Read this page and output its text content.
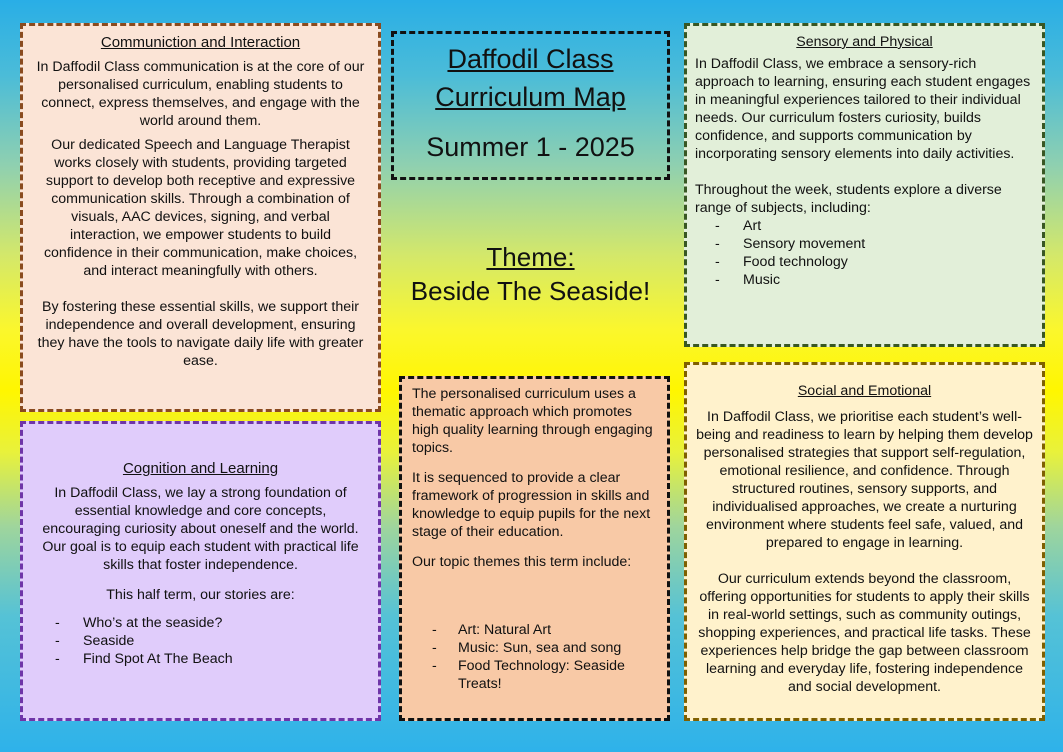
Communiction and Interaction

In Daffodil Class communication is at the core of our personalised curriculum, enabling students to connect, express themselves, and engage with the world around them.

Our dedicated Speech and Language Therapist works closely with students, providing targeted support to develop both receptive and expressive communication skills. Through a combination of visuals, AAC devices, signing, and verbal interaction, we empower students to build confidence in their communication, make choices, and interact meaningfully with others.

By fostering these essential skills, we support their independence and overall development, ensuring they have the tools to navigate daily life with greater ease.

Cognition and Learning

In Daffodil Class, we lay a strong foundation of essential knowledge and core concepts, encouraging curiosity about oneself and the world. Our goal is to equip each student with practical life skills that foster independence.

This half term, our stories are:

- Who’s at the seaside?
- Seaside
- Find Spot At The Beach
Daffodil Class
Curriculum Map
Summer 1 - 2025
Theme:
Beside The Seaside!

The personalised curriculum uses a thematic approach which promotes high quality learning through engaging topics.

It is sequenced to provide a clear framework of progression in skills and knowledge to equip pupils for the next stage of their education.

Our topic themes this term include:

- Art: Natural Art
- Music: Sun, sea and song
- Food Technology: Seaside Treats!
Sensory and Physical

In Daffodil Class, we embrace a sensory-rich approach to learning, ensuring each student engages in meaningful experiences tailored to their individual needs. Our curriculum fosters curiosity, builds confidence, and supports communication by incorporating sensory elements into daily activities.

Throughout the week, students explore a diverse range of subjects, including:

- Art
- Sensory movement
- Food technology
- Music
Social and Emotional

In Daffodil Class, we prioritise each student’s well-being and readiness to learn by helping them develop personalised strategies that support self-regulation, emotional resilience, and confidence. Through structured routines, sensory supports, and individualised approaches, we create a nurturing environment where students feel safe, valued, and prepared to engage in learning.

Our curriculum extends beyond the classroom, offering opportunities for students to apply their skills in real-world settings, such as community outings, shopping experiences, and practical life tasks. These experiences help bridge the gap between classroom learning and everyday life, fostering independence and social development.
